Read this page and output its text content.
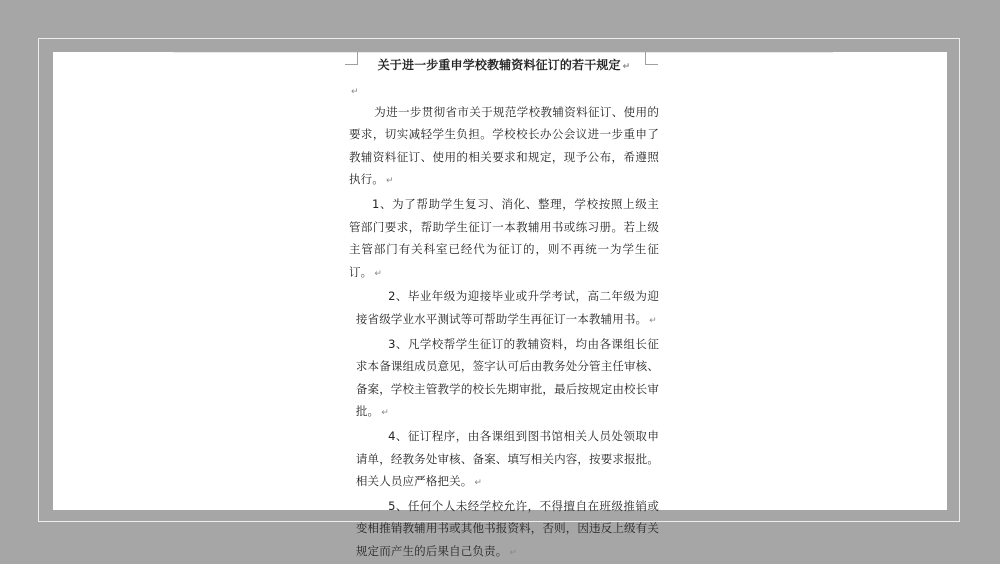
关于进一步重申学校教辅资料征订的若干规定 ↵
↵

为进一步贯彻省市关于规范学校教辅资料征订、使用的要求，切实减轻学生负担。学校校长办公会议进一步重申了教辅资料征订、使用的相关要求和规定，现予公布，希遵照执行。 ↵

1、为了帮助学生复习、消化、整理，学校按照上级主管部门要求，帮助学生征订一本教辅用书或练习册。若上级主管部门有关科室已经代为征订的，则不再统一为学生征订。 ↵

2、毕业年级为迎接毕业或升学考试，高二年级为迎接省级学业水平测试等可帮助学生再征订一本教辅用书。 ↵

3、凡学校帮学生征订的教辅资料，均由各课组长征求本备课组成员意见，签字认可后由教务处分管主任审核、备案，学校主管教学的校长先期审批，最后按规定由校长审批。 ↵

4、征订程序，由各课组到图书馆相关人员处领取申请单，经教务处审核、备案、填写相关内容，按要求报批。相关人员应严格把关。 ↵

5、任何个人未经学校允许，不得擅自在班级推销或变相推销教辅用书或其他书报资料，否则，因违反上级有关规定而产生的后果自己负责。 ↵
